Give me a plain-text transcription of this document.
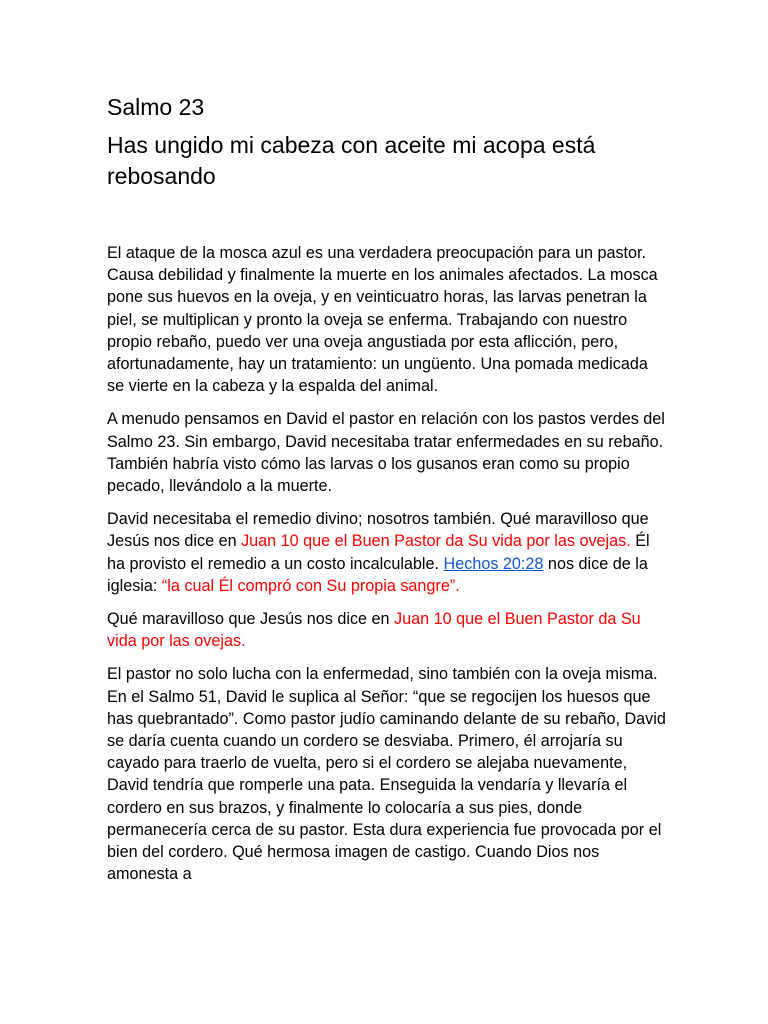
Salmo 23
Has ungido mi cabeza con aceite mi acopa está rebosando

El ataque de la mosca azul es una verdadera preocupación para un pastor. Causa debilidad y finalmente la muerte en los animales afectados. La mosca pone sus huevos en la oveja, y en veinticuatro horas, las larvas penetran la piel, se multiplican y pronto la oveja se enferma. Trabajando con nuestro propio rebaño, puedo ver una oveja angustiada por esta aflicción, pero, afortunadamente, hay un tratamiento: un ungüento. Una pomada medicada se vierte en la cabeza y la espalda del animal.

A menudo pensamos en David el pastor en relación con los pastos verdes del Salmo 23. Sin embargo, David necesitaba tratar enfermedades en su rebaño. También habría visto cómo las larvas o los gusanos eran como su propio pecado, llevándolo a la muerte.

David necesitaba el remedio divino; nosotros también. Qué maravilloso que Jesús nos dice en Juan 10 que el Buen Pastor da Su vida por las ovejas. Él ha provisto el remedio a un costo incalculable. Hechos 20:28 nos dice de la iglesia: “la cual Él compró con Su propia sangre”.

Qué maravilloso que Jesús nos dice en Juan 10 que el Buen Pastor da Su vida por las ovejas.

El pastor no solo lucha con la enfermedad, sino también con la oveja misma. En el Salmo 51, David le suplica al Señor: “que se regocijen los huesos que has quebrantado”. Como pastor judío caminando delante de su rebaño, David se daría cuenta cuando un cordero se desviaba. Primero, él arrojaría su cayado para traerlo de vuelta, pero si el cordero se alejaba nuevamente, David tendría que romperle una pata. Enseguida la vendaría y llevaría el cordero en sus brazos, y finalmente lo colocaría a sus pies, donde permanecería cerca de su pastor. Esta dura experiencia fue provocada por el bien del cordero. Qué hermosa imagen de castigo. Cuando Dios nos amonesta a
